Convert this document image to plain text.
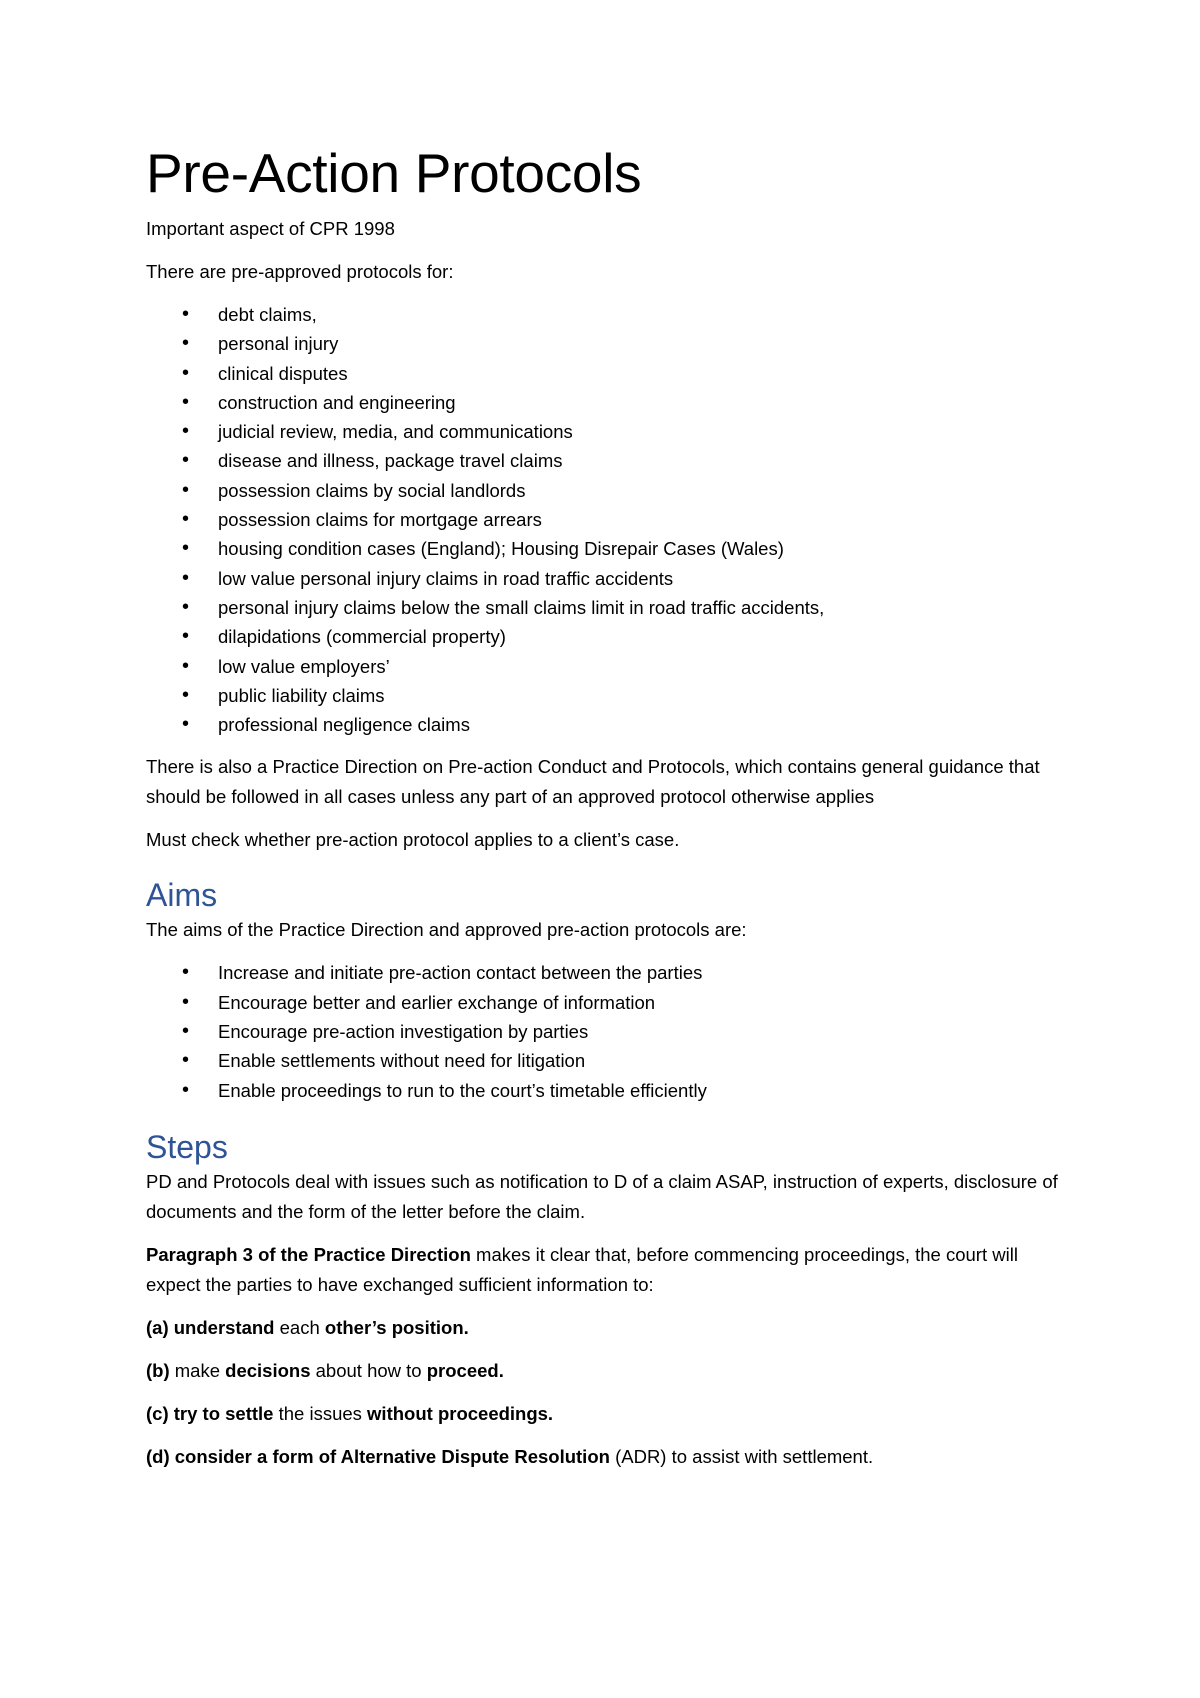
Pre-Action Protocols

Important aspect of CPR 1998

There are pre-approved protocols for:

• debt claims,
• personal injury
• clinical disputes
• construction and engineering
• judicial review, media, and communications
• disease and illness, package travel claims
• possession claims by social landlords
• possession claims for mortgage arrears
• housing condition cases (England); Housing Disrepair Cases (Wales)
• low value personal injury claims in road traffic accidents
• personal injury claims below the small claims limit in road traffic accidents,
• dilapidations (commercial property)
• low value employers’
• public liability claims
• professional negligence claims

There is also a Practice Direction on Pre-action Conduct and Protocols, which contains general guidance that should be followed in all cases unless any part of an approved protocol otherwise applies

Must check whether pre-action protocol applies to a client’s case.

Aims

The aims of the Practice Direction and approved pre-action protocols are:

• Increase and initiate pre-action contact between the parties
• Encourage better and earlier exchange of information
• Encourage pre-action investigation by parties
• Enable settlements without need for litigation
• Enable proceedings to run to the court’s timetable efficiently
Steps

PD and Protocols deal with issues such as notification to D of a claim ASAP, instruction of experts, disclosure of documents and the form of the letter before the claim.

Paragraph 3 of the Practice Direction makes it clear that, before commencing proceedings, the court will expect the parties to have exchanged sufficient information to:

(a) understand each other’s position.

(b) make decisions about how to proceed.

(c) try to settle the issues without proceedings.

(d) consider a form of Alternative Dispute Resolution (ADR) to assist with settlement.
